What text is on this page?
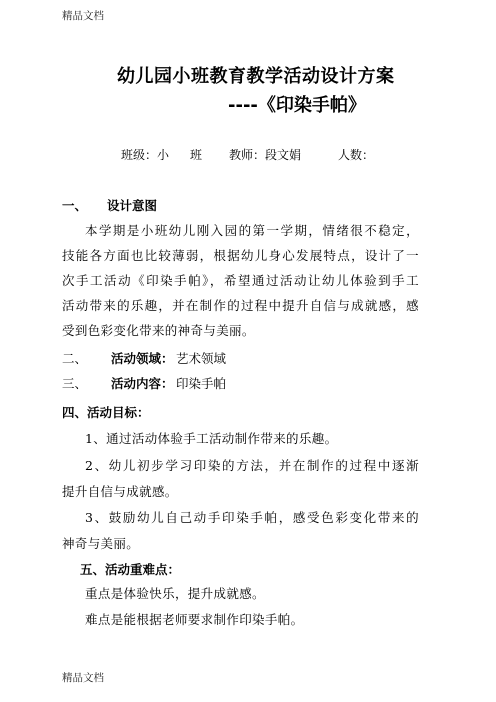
精品文档
幼儿园小班教育教学活动设计方案
----《印染手帕》
班级：小 班 教师：段文娟	人数：
一、 设计意图
本学期是小班幼儿刚入园的第一学期，情绪很不稳定，
技能各方面也比较薄弱，根据幼儿身心发展特点，设计了一
次手工活动《印染手帕》，希望通过活动让幼儿体验到手工
活动带来的乐趣，并在制作的过程中提升自信与成就感，感
受到色彩变化带来的神奇与美丽。
二、 活动领域： 艺术领域
三、 活动内容： 印染手帕
四、活动目标：
1、通过活动体验手工活动制作带来的乐趣。
2、幼儿初步学习印染的方法，并在制作的过程中逐渐
提升自信与成就感。
3、鼓励幼儿自己动手印染手帕，感受色彩变化带来的
神奇与美丽。
五、活动重难点：
重点是体验快乐，提升成就感。
难点是能根据老师要求制作印染手帕。
精品文档
